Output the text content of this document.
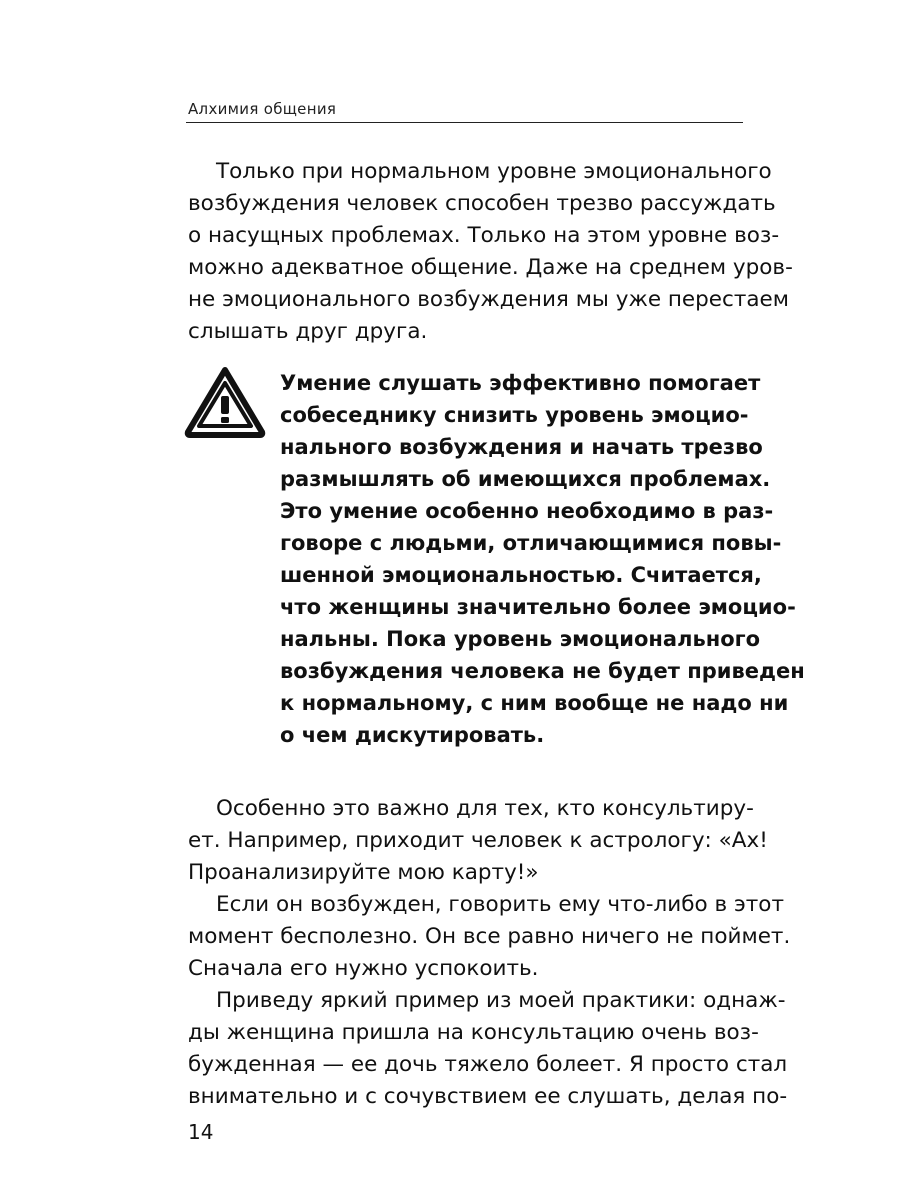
Алхимия общения
Только при нормальном уровне эмоционального
возбуждения человек способен трезво рассуждать
о насущных проблемах. Только на этом уровне воз-
можно адекватное общение. Даже на среднем уров-
не эмоционального возбуждения мы уже перестаем
слышать друг друга.
Умение слушать эффективно помогает
собеседнику снизить уровень эмоцио-
нального возбуждения и начать трезво
размышлять об имеющихся проблемах.
Это умение особенно необходимо в раз-
говоре с людьми, отличающимися повы-
шенной эмоциональностью. Считается,
что женщины значительно более эмоцио-
нальны. Пока уровень эмоционального
возбуждения человека не будет приведен
к нормальному, с ним вообще не надо ни
о чем дискутировать.
Особенно это важно для тех, кто консультиру-
ет. Например, приходит человек к астрологу: «Ах!
Проанализируйте мою карту!»
Если он возбужден, говорить ему что-либо в этот
момент бесполезно. Он все равно ничего не поймет.
Сначала его нужно успокоить.
Приведу яркий пример из моей практики: однаж-
ды женщина пришла на консультацию очень воз-
бужденная — ее дочь тяжело болеет. Я просто стал
внимательно и с сочувствием ее слушать, делая по-
14
